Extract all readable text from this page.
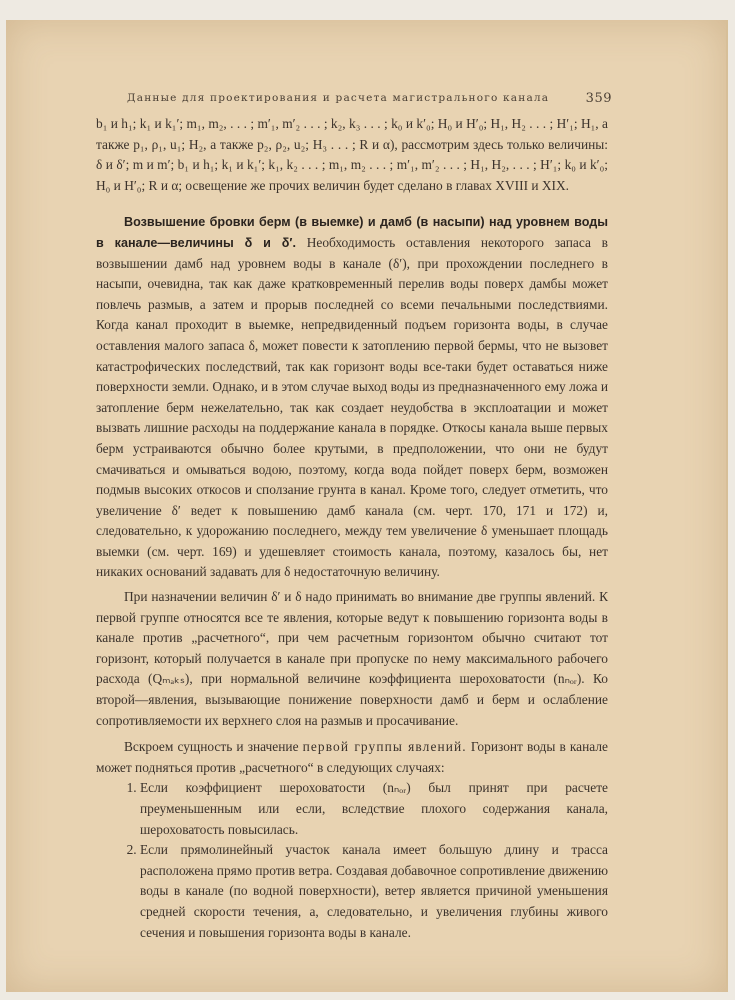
Данные для проектирования и расчета магистрального канала	359

b₁ и h₁; k₁ и k₁′; m₁, m₂, . . . ; m′₁, m′₂ . . . ; k₂, k₃ . . . ; k₀ и k′₀; H₀ и H′₀; H₁, H₂ . . . ; H′₁; H₁, а также p₁, ρ₁, u₁; H₂, а также p₂, ρ₂, u₂; H₃ . . . ; R и α), рассмотрим здесь только величины: δ и δ′; m и m′; b₁ и h₁; k₁ и k₁′; k₁, k₂ . . . ; m₁, m₂ . . . ; m′₁, m′₂ . . . ; H₁, H₂, . . . ; H′₁; k₀ и k′₀; H₀ и H′₀; R и α; освещение же прочих величин будет сделано в главах XVIII и XIX.

Возвышение бровки берм (в выемке) и дамб (в насыпи) над уровнем воды в канале—величины δ и δ′. Необходимость оставления некоторого запаса в возвышении дамб над уровнем воды в канале (δ′), при прохождении последнего в насыпи, очевидна, так как даже кратковременный перелив воды поверх дамбы может повлечь размыв, а затем и прорыв последней со всеми печальными последствиями. Когда канал проходит в выемке, непредвиденный подъем горизонта воды, в случае оставления малого запаса δ, может повести к затоплению первой бермы, что не вызовет катастрофических последствий, так как горизонт воды все-таки будет оставаться ниже поверхности земли. Однако, и в этом случае выход воды из предназначенного ему ложа и затопление берм нежелательно, так как создает неудобства в эксплоатации и может вызвать лишние расходы на поддержание канала в порядке. Откосы канала выше первых берм устраиваются обычно более крутыми, в предположении, что они не будут смачиваться и омываться водою, поэтому, когда вода пойдет поверх берм, возможен подмыв высоких откосов и сползание грунта в канал. Кроме того, следует отметить, что увеличение δ′ ведет к повышению дамб канала (см. черт. 170, 171 и 172) и, следовательно, к удорожанию последнего, между тем увеличение δ уменьшает площадь выемки (см. черт. 169) и удешевляет стоимость канала, поэтому, казалось бы, нет никаких оснований задавать для δ недостаточную величину.

При назначении величин δ′ и δ надо принимать во внимание две группы явлений. К первой группе относятся все те явления, которые ведут к повышению горизонта воды в канале против „расчетного“, при чем расчетным горизонтом обычно считают тот горизонт, который получается в канале при пропуске по нему максимального рабочего расхода (Qₘₐₖₛ), при нормальной величине коэффициента шероховатости (nₙₒᵣ). Ко второй—явления, вызывающие понижение поверхности дамб и берм и ослабление сопротивляемости их верхнего слоя на размыв и просачивание.

Вскроем сущность и значение первой группы явлений. Горизонт воды в канале может подняться против „расчетного“ в следующих случаях:

1. Если коэффициент шероховатости (nₙₒᵣ) был принят при расчете преуменьшенным или если, вследствие плохого содержания канала, шероховатость повысилась.
2. Если прямолинейный участок канала имеет большую длину и трасса расположена прямо против ветра. Создавая добавочное сопротивление движению воды в канале (по водной поверхности), ветер является причиной уменьшения средней скорости течения, а, следовательно, и увеличения глубины живого сечения и повышения горизонта воды в канале.
